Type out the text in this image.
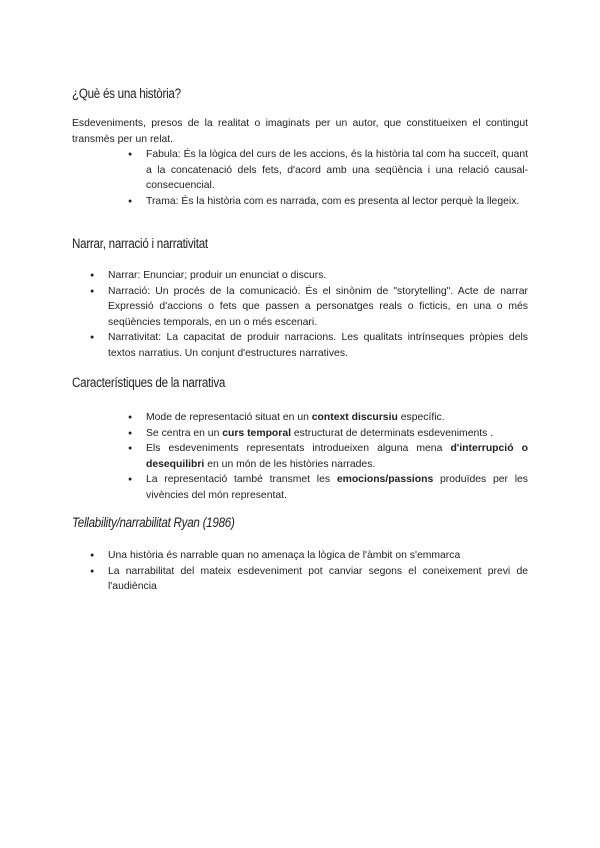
¿Què és una història?

Esdeveniments, presos de la realitat o imaginats per un autor, que constitueixen el contingut transmès per un relat.

● Fabula: És la lògica del curs de les accions, és la història tal com ha succeït, quant a la concatenació dels fets, d'acord amb una seqüència i una relació causal-consecuencial.
● Trama: És la història com es narrada, com es presenta al lector perquè la llegeix.
Narrar, narració i narrativitat
● Narrar: Enunciar; produir un enunciat o discurs.
● Narració: Un procés de la comunicació. És el sinònim de "storytelling". Acte de narrar Expressió d'accions o fets que passen a personatges reals o ficticis, en una o més seqüències temporals, en un o més escenari.
● Narrativitat: La capacitat de produir narracions. Les qualitats intrínseques pròpies dels textos narratius. Un conjunt d'estructures narratives.
Característiques de la narrativa
● Mode de representació situat en un context discursiu específic.
● Se centra en un curs temporal estructurat de determinats esdeveniments .
● Els esdeveniments representats introdueixen alguna mena d'interrupció o desequilibri en un món de les històries narrades.
● La representació també transmet les emocions/passions produïdes per les vivències del món representat.
Tellability/narrabilitat Ryan (1986)
● Una història és narrable quan no amenaça la lògica de l'àmbit on s'emmarca
● La narrabilitat del mateix esdeveniment pot canviar segons el coneixement previ de l'audiència
